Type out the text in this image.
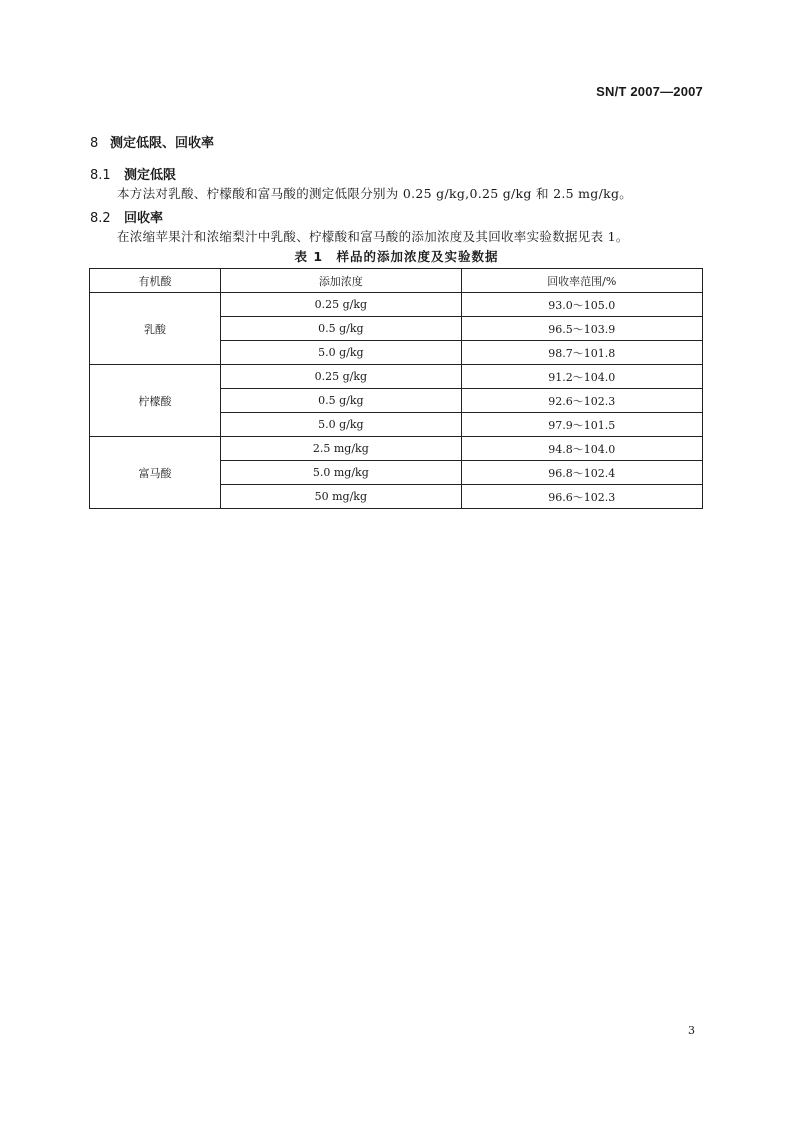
SN/T 2007—2007
8 测定低限、回收率
8.1 测定低限
本方法对乳酸、柠檬酸和富马酸的测定低限分别为 0.25 g/kg,0.25 g/kg 和 2.5 mg/kg。
8.2 回收率
在浓缩苹果汁和浓缩梨汁中乳酸、柠檬酸和富马酸的添加浓度及其回收率实验数据见表 1。
表 1　样品的添加浓度及实验数据
有机酸	添加浓度	回收率范围/%
乳酸	0.25 g/kg	93.0～105.0
	0.5 g/kg	96.5～103.9
	5.0 g/kg	98.7～101.8
柠檬酸	0.25 g/kg	91.2～104.0
	0.5 g/kg	92.6～102.3
	5.0 g/kg	97.9～101.5
富马酸	2.5 mg/kg	94.8～104.0
	5.0 mg/kg	96.8～102.4
	50 mg/kg	96.6～102.3
3
